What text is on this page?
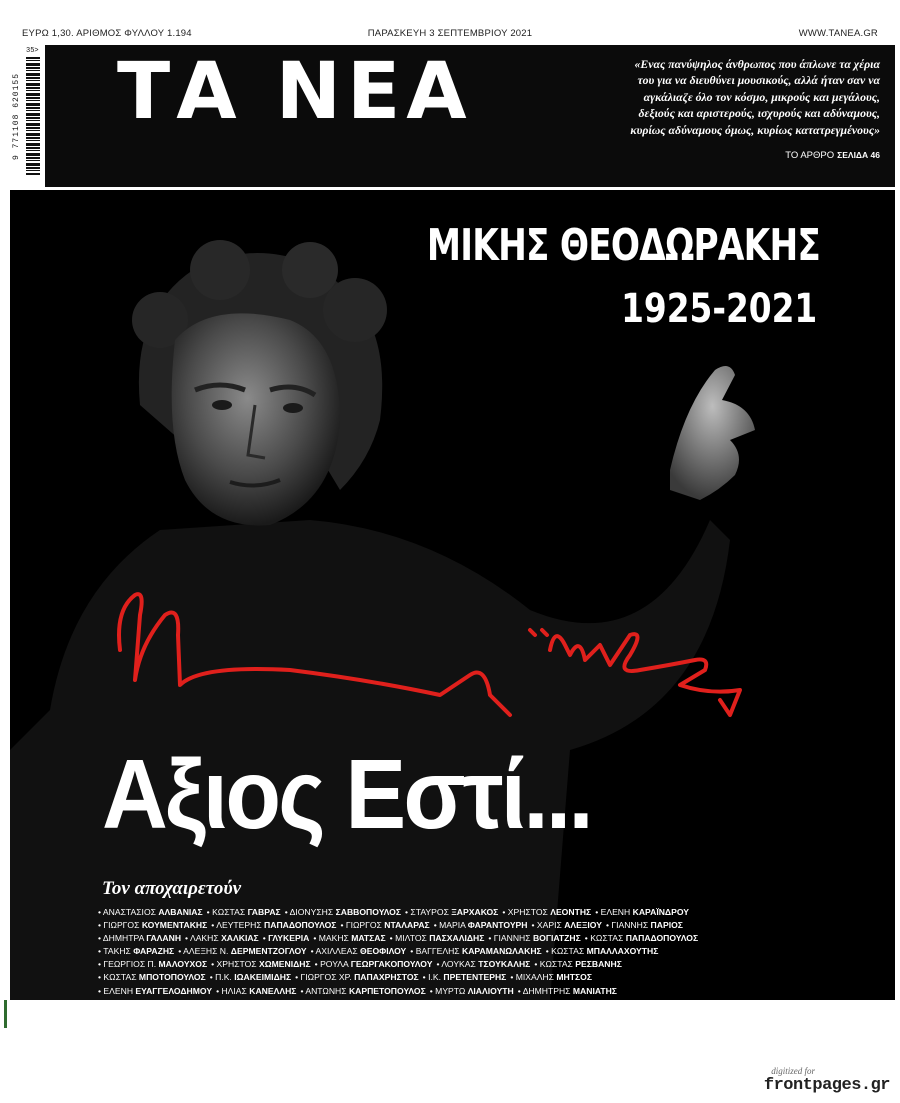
ΕΥΡΩ 1,30. ΑΡΙΘΜΟΣ ΦΥΛΛΟΥ 1.194	ΠΑΡΑΣΚΕΥΗ 3 ΣΕΠΤΕΜΒΡΙΟΥ 2021	WWW.TANEA.GR
9 771108 620155
35> ΤΑ ΝΕΑ	«Ενας πανύψηλος άνθρωπος που άπλωνε τα χέρια
του για να διευθύνει μουσικούς, αλλά ήταν σαν να
αγκάλιαζε όλο τον κόσμο, μικρούς και μεγάλους,
δεξιούς και αριστερούς, ισχυρούς και αδύναμους,
κυρίως αδύναμους όμως, κυρίως κατατρεγμένους»
ΤΟ ΑΡΘΡΟ ΣΕΛΙΔΑ 46
ΜΙΚΗΣ ΘΕΟΔΩΡΑΚΗΣ
1925-2021
Αξιος Εστί...
Τον αποχαιρετούν
• ΑΝΑΣΤΑΣΙΟΣ ΑΛΒΑΝΙΑΣ • ΚΩΣΤΑΣ ΓΑΒΡΑΣ • ΔΙΟΝΥΣΗΣ ΣΑΒΒΟΠΟΥΛΟΣ • ΣΤΑΥΡΟΣ ΞΑΡΧΑΚΟΣ • ΧΡΗΣΤΟΣ ΛΕΟΝΤΗΣ • ΕΛΕΝΗ ΚΑΡΑΪΝΔΡΟΥ
• ΓΙΩΡΓΟΣ ΚΟΥΜΕΝΤΑΚΗΣ • ΛΕΥΤΕΡΗΣ ΠΑΠΑΔΟΠΟΥΛΟΣ • ΓΙΩΡΓΟΣ ΝΤΑΛΑΡΑΣ • ΜΑΡΙΑ ΦΑΡΑΝΤΟΥΡΗ • ΧΑΡΙΣ ΑΛΕΞΙΟΥ • ΓΙΑΝΝΗΣ ΠΑΡΙΟΣ
• ΔΗΜΗΤΡΑ ΓΑΛΑΝΗ • ΛΑΚΗΣ ΧΑΛΚΙΑΣ • ΓΛΥΚΕΡΙΑ • ΜΑΚΗΣ ΜΑΤΣΑΣ • ΜΙΛΤΟΣ ΠΑΣΧΑΛΙΔΗΣ • ΓΙΑΝΝΗΣ ΒΟΓΙΑΤΖΗΣ • ΚΩΣΤΑΣ ΠΑΠΑΔΟΠΟΥΛΟΣ
• ΤΑΚΗΣ ΦΑΡΑΖΗΣ • ΑΛΕΞΗΣ Ν. ΔΕΡΜΕΝΤΖΟΓΛΟΥ • ΑΧΙΛΛΕΑΣ ΘΕΟΦΙΛΟΥ • ΒΑΓΓΕΛΗΣ ΚΑΡΑΜΑΝΩΛΑΚΗΣ • ΚΩΣΤΑΣ ΜΠΑΛΛΑΧΟΥΤΗΣ
• ΓΕΩΡΓΙΟΣ Π. ΜΑΛΟΥΧΟΣ • ΧΡΗΣΤΟΣ ΧΩΜΕΝΙΔΗΣ • ΡΟΥΛΑ ΓΕΩΡΓΑΚΟΠΟΥΛΟΥ • ΛΟΥΚΑΣ ΤΣΟΥΚΑΛΗΣ • ΚΩΣΤΑΣ ΡΕΣΒΑΝΗΣ
• ΚΩΣΤΑΣ ΜΠΟΤΟΠΟΥΛΟΣ • Π.Κ. ΙΩΑΚΕΙΜΙΔΗΣ • ΓΙΩΡΓΟΣ ΧΡ. ΠΑΠΑΧΡΗΣΤΟΣ • Ι.Κ. ΠΡΕΤΕΝΤΕΡΗΣ • ΜΙΧΑΛΗΣ ΜΗΤΣΟΣ
• ΕΛΕΝΗ ΕΥΑΓΓΕΛΟΔΗΜΟΥ • ΗΛΙΑΣ ΚΑΝΕΛΛΗΣ • ΑΝΤΩΝΗΣ ΚΑΡΠΕΤΟΠΟΥΛΟΣ • ΜΥΡΤΩ ΛΙΑΛΙΟΥΤΗ • ΔΗΜΗΤΡΗΣ ΜΑΝΙΑΤΗΣ
• ΤΖΙΝΑ ΜΟΣΧΟΛΙΟΥ • ΚΑΡΟΛΙΝΑ ΠΑΠΑΚΩΣΤΑ • ΠΕΠΗ ΡΑΓΚΟΥΣΗ • ΜΑΝΟΣ ΧΑΡΑΛΑΜΠΑΚΗΣ • ΔΗΜΗΤΡΗΣ ΧΡΥΣΑΝΘΗΣ
digitized for
frontpages.gr
